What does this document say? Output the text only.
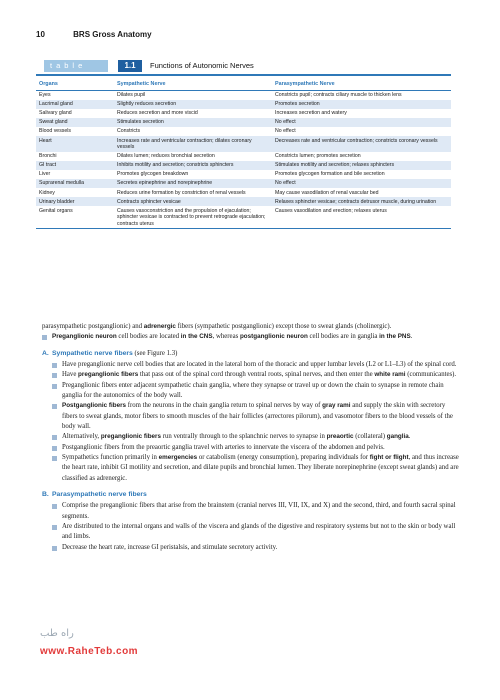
10	BRS Gross Anatomy
table	1.1	Functions of Autonomic Nerves
Organs	Sympathetic Nerve	Parasympathetic Nerve
Eyes	Dilates pupil	Constricts pupil; contracts ciliary muscle to thicken lens
Lacrimal gland	Slightly reduces secretion	Promotes secretion
Salivary gland	Reduces secretion and more viscid	Increases secretion and watery
Sweat gland	Stimulates secretion	No effect
Blood vessels	Constricts	No effect
Heart	Increases rate and ventricular contraction; dilates coronary vessels	Decreases rate and ventricular contraction; constricts coronary vessels
Bronchi	Dilates lumen; reduces bronchial secretion	Constricts lumen; promotes secretion
GI tract	Inhibits motility and secretion; constricts sphincters	Stimulates motility and secretion; relaxes sphincters
Liver	Promotes glycogen breakdown	Promotes glycogen formation and bile secretion
Suprarenal medulla	Secretes epinephrine and norepinephrine	No effect
Kidney	Reduces urine formation by constriction of renal vessels	May cause vasodilation of renal vascular bed
Urinary bladder	Contracts sphincter vesicae	Relaxes sphincter vesicae; contracts detrusor muscle, during urination
Genital organs	Causes vasoconstriction and the propulsion of ejaculation; sphincter vesicae is contracted to prevent retrograde ejaculation; contracts uterus	Causes vasodilation and erection; relaxes uterus

parasympathetic postganglionic) and adrenergic fibers (sympathetic postganglionic) except those to sweat glands (cholinergic).

Preganglionic neuron cell bodies are located in the CNS, whereas postganglionic neuron cell bodies are in ganglia in the PNS.

A. Sympathetic nerve fibers (see Figure 1.3)

Have preganglionic nerve cell bodies that are located in the lateral horn of the thoracic and upper lumbar levels (L2 or L1–L3) of the spinal cord.

Have preganglionic fibers that pass out of the spinal cord through ventral roots, spinal nerves, and then enter the white rami (communicantes).

Preganglionic fibers enter adjacent sympathetic chain ganglia, where they synapse or travel up or down the chain to synapse in remote chain ganglia for the autonomics of the body wall.

Postganglionic fibers from the neurons in the chain ganglia return to spinal nerves by way of gray rami and supply the skin with secretory fibers to sweat glands, motor fibers to smooth muscles of the hair follicles (arrectores pilorum), and vasomotor fibers to the blood vessels of the body wall.

Alternatively, preganglionic fibers run ventrally through to the splanchnic nerves to synapse in preaortic (collateral) ganglia.

Postganglionic fibers from the preaortic ganglia travel with arteries to innervate the viscera of the abdomen and pelvis.

Sympathetics function primarily in emergencies or catabolism (energy consumption), preparing individuals for fight or flight, and thus increase the heart rate, inhibit GI motility and secretion, and dilate pupils and bronchial lumen. They liberate norepinephrine (except sweat glands) and are classified as adrenergic.

B. Parasympathetic nerve fibers

Comprise the preganglionic fibers that arise from the brainstem (cranial nerves III, VII, IX, and X) and the second, third, and fourth sacral spinal segments.

Are distributed to the internal organs and walls of the viscera and glands of the digestive and respiratory systems but not to the skin or body wall and limbs.

Decrease the heart rate, increase GI peristalsis, and stimulate secretory activity.

راه طب
www.RaheTeb.com
